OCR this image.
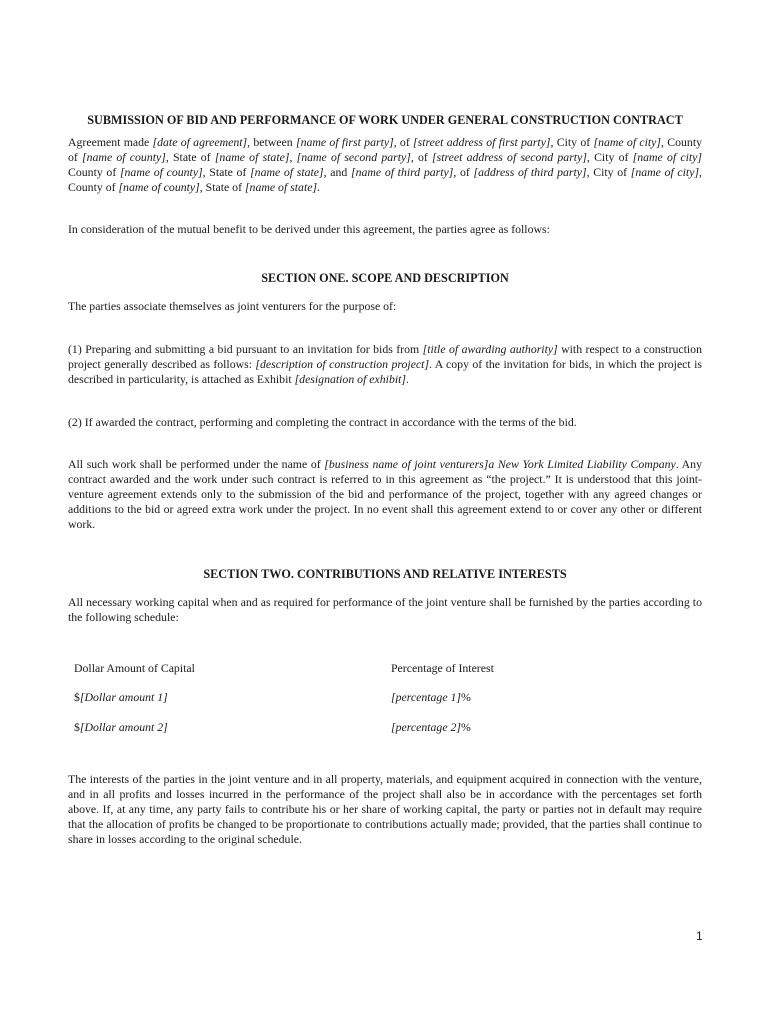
SUBMISSION OF BID AND PERFORMANCE OF WORK UNDER GENERAL CONSTRUCTION CONTRACT

Agreement made [date of agreement], between [name of first party], of [street address of first party], City of [name of city], County of [name of county], State of [name of state], [name of second party], of [street address of second party], City of [name of city] County of [name of county], State of [name of state], and [name of third party], of [address of third party], City of [name of city], County of [name of county], State of [name of state].

In consideration of the mutual benefit to be derived under this agreement, the parties agree as follows:

SECTION ONE. SCOPE AND DESCRIPTION

The parties associate themselves as joint venturers for the purpose of:

(1) Preparing and submitting a bid pursuant to an invitation for bids from [title of awarding authority] with respect to a construction project generally described as follows: [description of construction project]. A copy of the invitation for bids, in which the project is described in particularity, is attached as Exhibit [designation of exhibit].

(2) If awarded the contract, performing and completing the contract in accordance with the terms of the bid.

All such work shall be performed under the name of [business name of joint venturers]a New York Limited Liability Company. Any contract awarded and the work under such contract is referred to in this agreement as “the project.” It is understood that this joint-venture agreement extends only to the submission of the bid and performance of the project, together with any agreed changes or additions to the bid or agreed extra work under the project. In no event shall this agreement extend to or cover any other or different work.

SECTION TWO. CONTRIBUTIONS AND RELATIVE INTERESTS

All necessary working capital when and as required for performance of the joint venture shall be furnished by the parties according to the following schedule:

Dollar Amount of Capital	Percentage of Interest
$[Dollar amount 1]	[percentage 1]%
$[Dollar amount 2]	[percentage 2]%

The interests of the parties in the joint venture and in all property, materials, and equipment acquired in connection with the venture, and in all profits and losses incurred in the performance of the project shall also be in accordance with the percentages set forth above. If, at any time, any party fails to contribute his or her share of working capital, the party or parties not in default may require that the allocation of profits be changed to be proportionate to contributions actually made; provided, that the parties shall continue to share in losses according to the original schedule.

1
